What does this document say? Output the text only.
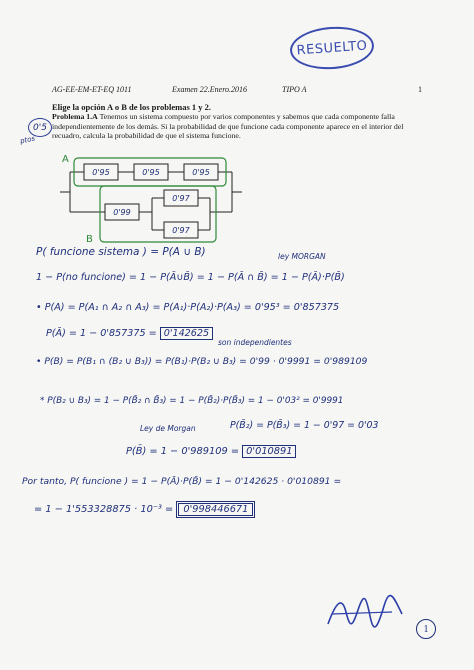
RESUELTO
AG-EE-EM-ET-EQ 1011	Examen 22.Enero.2016	TIPO A	1
Elige la opción A o B de los problemas 1 y 2.
0'5
ptos
Problema 1.A Tenemos un sistema compuesto por varios componentes y sabemos que cada componente falla independientemente de los demás. Si la probabilidad de que funcione cada componente aparece en el interior del recuadro, calcula la probabilidad de que el sistema funcione.
0'95	0'95	0'95
0'99
0'97
0'97
A
B
P( funcione sistema ) = P(A ∪ B)	ley MORGAN
1 − P(no funcione) = 1 − P(Ā∪B̄) = 1 − P(Ā ∩ B̄) = 1 − P(Ā)·P(B̄)
• P(A) = P(A₁ ∩ A₂ ∩ A₃) = P(A₁)·P(A₂)·P(A₃) = 0'95³ = 0'857375
P(Ā) = 1 − 0'857375 = 0'142625
son independientes
• P(B) = P(B₁ ∩ (B₂ ∪ B₃)) = P(B₁)·P(B₂ ∪ B₃) = 0'99 · 0'9991 = 0'989109
* P(B₂ ∪ B₃) = 1 − P(B̄₂ ∩ B̄₃) = 1 − P(B̄₂)·P(B̄₃) = 1 − 0'03² = 0'9991
Ley de Morgan	P(B̄₂) = P(B̄₃) = 1 − 0'97 = 0'03
P(B̄) = 1 − 0'989109 = 0'010891
Por tanto, P( funcione ) = 1 − P(Ā)·P(B̄) = 1 − 0'142625 · 0'010891 =
= 1 − 1'553328875 · 10⁻³ = 0'998446671
1
